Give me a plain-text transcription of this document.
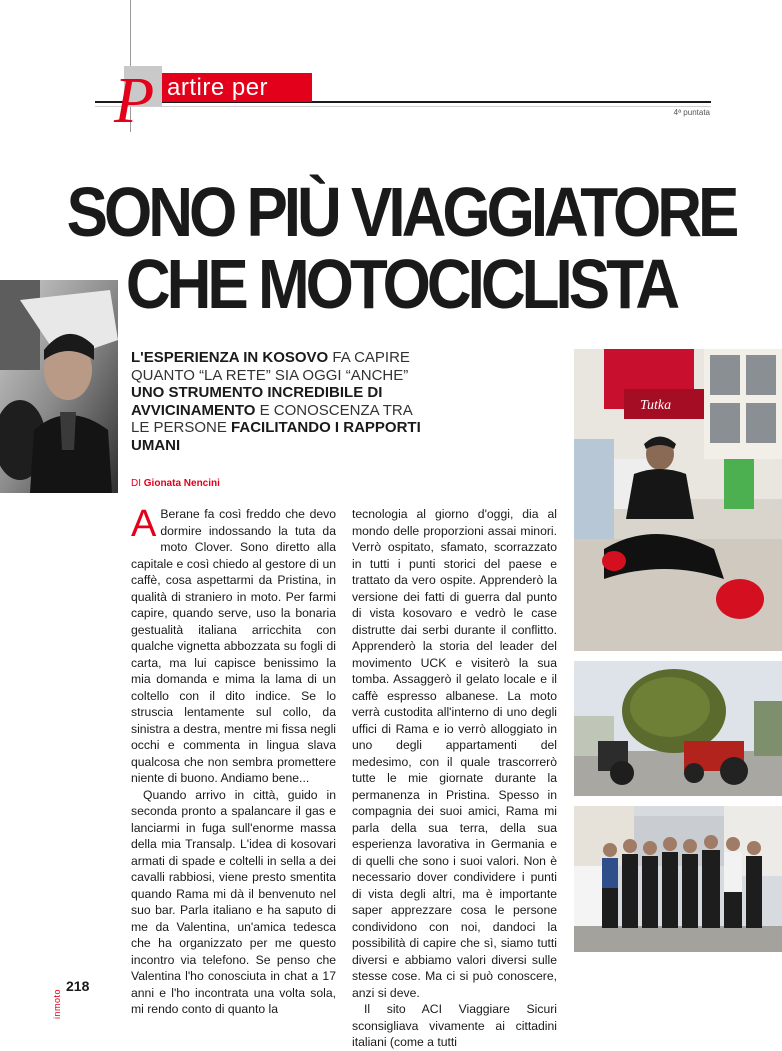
P artire per
4ª puntata
SONO PIÙ VIAGGIATORE
CHE MOTOCICLISTA
L'ESPERIENZA IN KOSOVO FA CAPIRE QUANTO “LA RETE” SIA OGGI “ANCHE” UNO STRUMENTO INCREDIBILE DI AVVICINAMENTO E CONOSCENZA TRA LE PERSONE FACILITANDO I RAPPORTI UMANI
DI Gionata Nencini

A Berane fa così freddo che devo dormire indossando la tuta da moto Clover. Sono diretto alla capitale e così chiedo al gestore di un caffè, cosa aspettarmi da Pristina, in qualità di straniero in moto. Per farmi capire, quando serve, uso la bonaria gestualità italiana arricchita con qualche vignetta abbozzata su fogli di carta, ma lui capisce benissimo la mia domanda e mima la lama di un coltello con il dito indice. Se lo struscia lentamente sul collo, da sinistra a destra, mentre mi fissa negli occhi e commenta in lingua slava qualcosa che non sembra promettere niente di buono. Andiamo bene...

Quando arrivo in città, guido in seconda pronto a spalancare il gas e lanciarmi in fuga sull'enorme massa della mia Transalp. L'idea di kosovari armati di spade e coltelli in sella a dei cavalli rabbiosi, viene presto smentita quando Rama mi dà il benvenuto nel suo bar. Parla italiano e ha saputo di me da Valentina, un'amica tedesca che ha organizzato per me questo incontro via telefono. Se penso che Valentina l'ho conosciuta in chat a 17 anni e l'ho incontrata una volta sola, mi rendo conto di quanto la

tecnologia al giorno d'oggi, dia al mondo delle proporzioni assai minori. Verrò ospitato, sfamato, scorrazzato in tutti i punti storici del paese e trattato da vero ospite. Apprenderò la versione dei fatti di guerra dal punto di vista kosovaro e vedrò le case distrutte dai serbi durante il conflitto. Apprenderò la storia del leader del movimento UCK e visiterò la sua tomba. Assaggerò il gelato locale e il caffè espresso albanese. La moto verrà custodita all'interno di uno degli uffici di Rama e io verrò alloggiato in uno degli appartamenti del medesimo, con il quale trascorrerò tutte le mie giornate durante la permanenza in Pristina. Spesso in compagnia dei suoi amici, Rama mi parla della sua terra, della sua esperienza lavorativa in Germania e di quelli che sono i suoi valori. Non è necessario dover condividere i punti di vista degli altri, ma è importante saper apprezzare cosa le persone condividono con noi, dandoci la possibilità di capire che sì, siamo tutti diversi e abbiamo valori diversi sulle stesse cose. Ma ci si può conoscere, anzi si deve.

Il sito ACI Viaggiare Sicuri sconsigliava vivamente ai cittadini italiani (come a tutti

Tutka
218
inmoto
